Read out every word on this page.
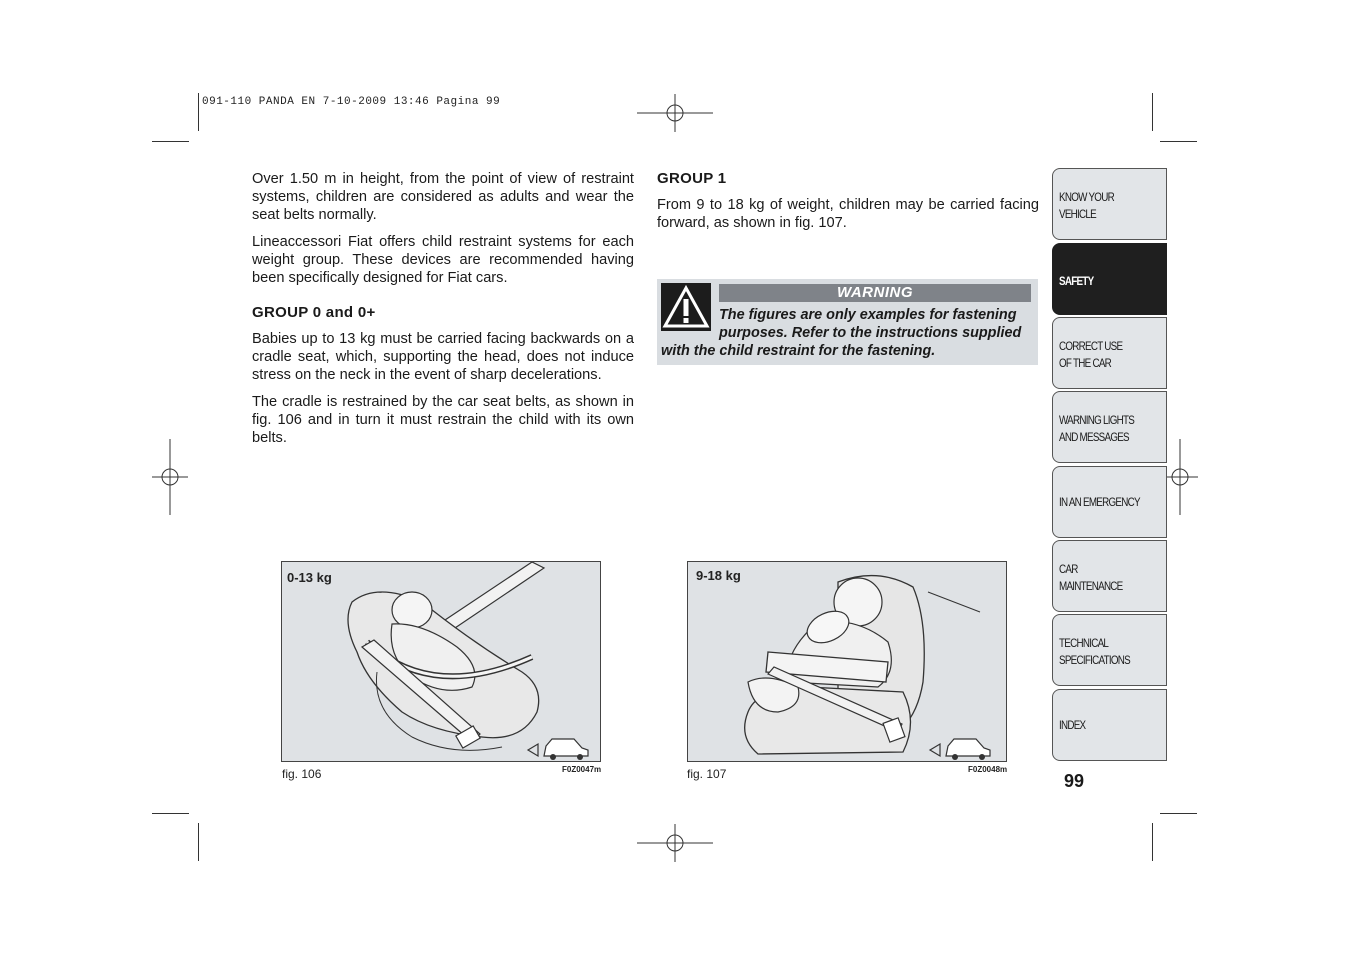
091-110 PANDA EN 7-10-2009 13:46 Pagina 99

Over 1.50 m in height, from the point of view of restraint systems, children are considered as adults and wear the seat belts normally.

Lineaccessori Fiat offers child restraint systems for each weight group. These devices are recommended having been specifically designed for Fiat cars.

GROUP 0 and 0+

Babies up to 13 kg must be carried facing backwards on a cradle seat, which, supporting the head, does not induce stress on the neck in the event of sharp decelerations.

The cradle is restrained by the car seat belts, as shown in fig. 106 and in turn it must restrain the child with its own belts.

GROUP 1

From 9 to 18 kg of weight, children may be carried facing forward, as shown in fig. 107.

WARNING
The figures are only examples for fastening purposes. Refer to the instructions supplied with the child restraint for the fastening.
0-13 kg
fig. 106	F0Z0047m
9-18 kg
fig. 107	F0Z0048m
KNOW YOUR
VEHICLE
SAFETY
CORRECT USE
OF THE CAR
WARNING LIGHTS
AND MESSAGES
IN AN EMERGENCY
CAR
MAINTENANCE
TECHNICAL
SPECIFICATIONS
INDEX
99
